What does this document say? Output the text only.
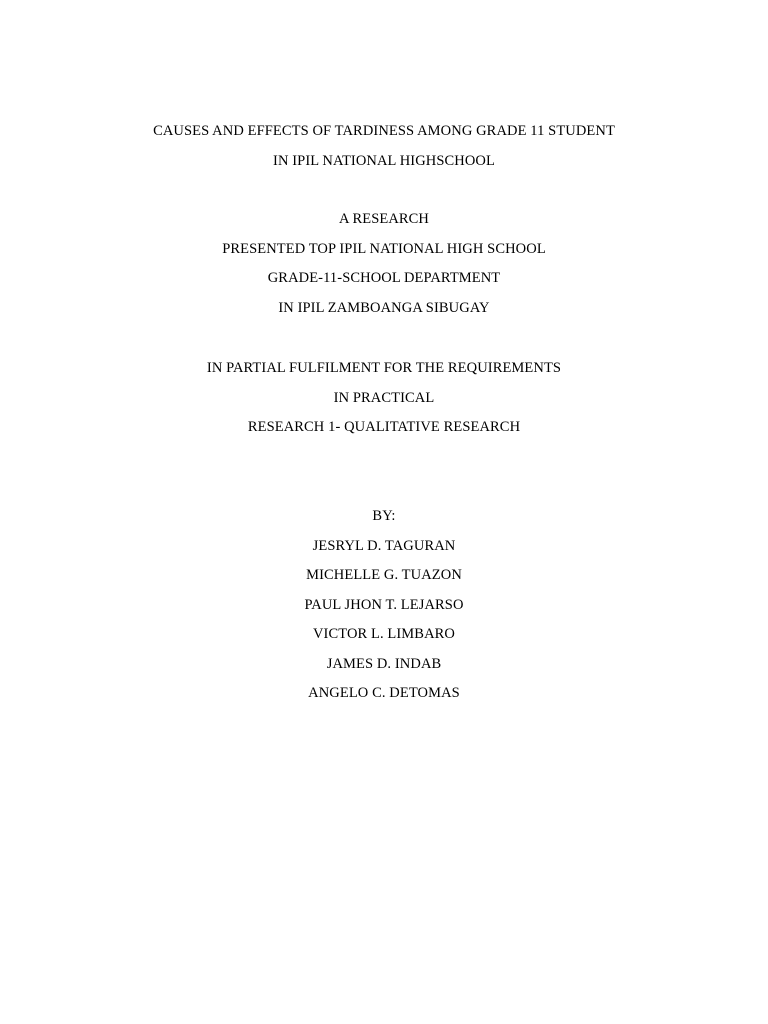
CAUSES AND EFFECTS OF TARDINESS AMONG GRADE 11 STUDENT
IN IPIL NATIONAL HIGHSCHOOL
A RESEARCH
PRESENTED TOP IPIL NATIONAL HIGH SCHOOL
GRADE-11-SCHOOL DEPARTMENT
IN IPIL ZAMBOANGA SIBUGAY
IN PARTIAL FULFILMENT FOR THE REQUIREMENTS
IN PRACTICAL
RESEARCH 1- QUALITATIVE RESEARCH
BY:
JESRYL D. TAGURAN
MICHELLE G. TUAZON
PAUL JHON T. LEJARSO
VICTOR L. LIMBARO
JAMES D. INDAB
ANGELO C. DETOMAS
